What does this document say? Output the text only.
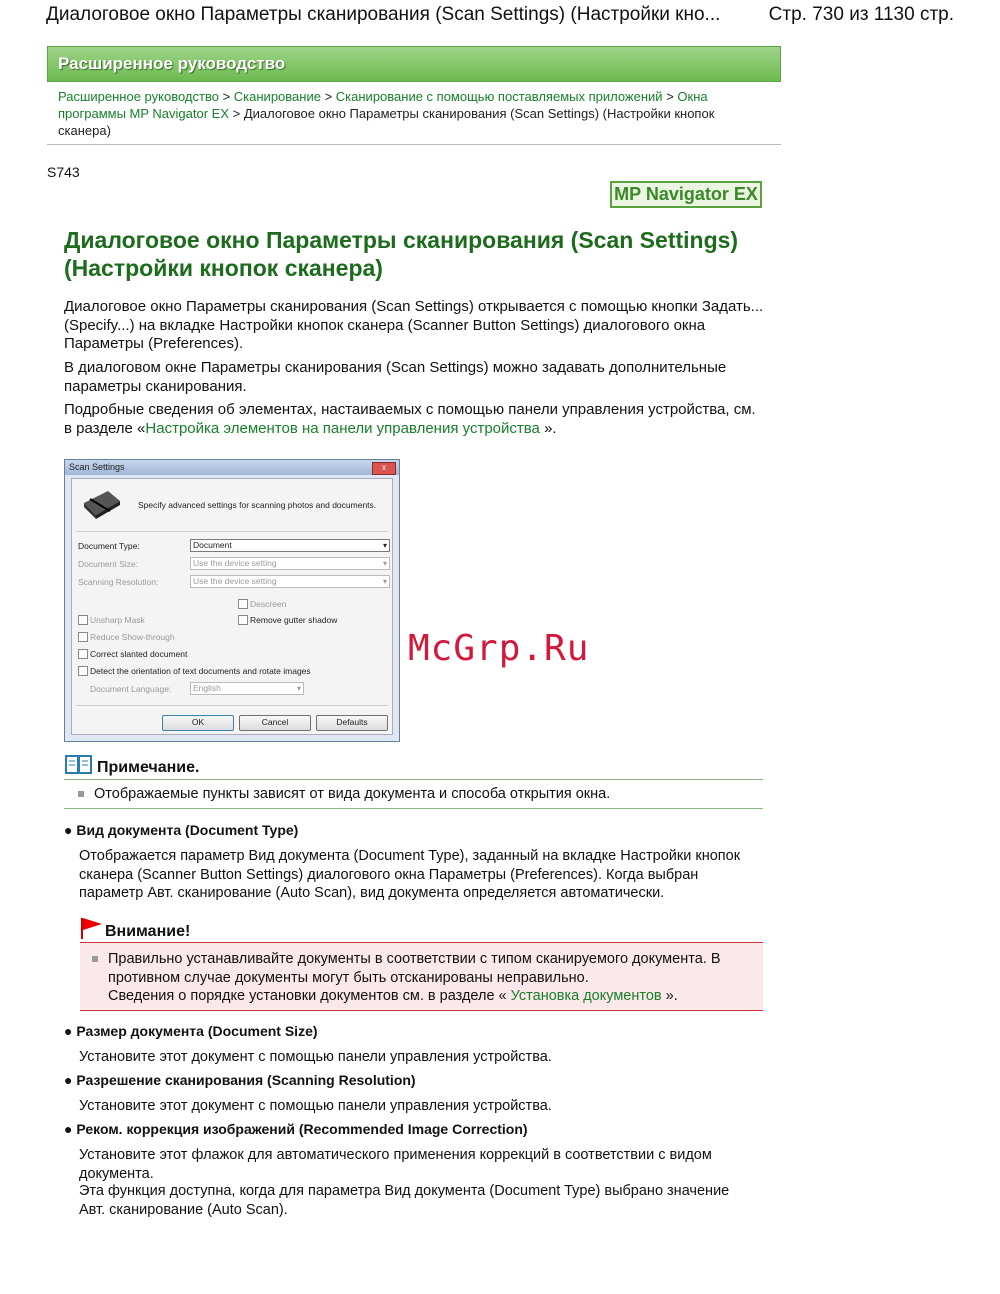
Диалоговое окно Параметры сканирования (Scan Settings) (Настройки кно...	Стр. 730 из 1130 стр.
Расширенное руководство
Расширенное руководство > Сканирование > Сканирование с помощью поставляемых приложений > Окна программы MP Navigator EX > Диалоговое окно Параметры сканирования (Scan Settings) (Настройки кнопок сканера)
S743
MP Navigator EX
Диалоговое окно Параметры сканирования (Scan Settings) (Настройки кнопок сканера)
Диалоговое окно Параметры сканирования (Scan Settings) открывается с помощью кнопки Задать... (Specify...) на вкладке Настройки кнопок сканера (Scanner Button Settings) диалогового окна Параметры (Preferences).
В диалоговом окне Параметры сканирования (Scan Settings) можно задавать дополнительные параметры сканирования.
Подробные сведения об элементах, настаиваемых с помощью панели управления устройства, см. в разделе «Настройка элементов на панели управления устройства ».
Scan Settings	x
Specify advanced settings for scanning photos and documents.
Document Type:	Document ▾
Document Size:	Use the device setting ▾
Scanning Resolution:	Use the device setting ▾
Descreen
Remove gutter shadow
Unsharp Mask
Reduce Show-through
Correct slanted document
Detect the orientation of text documents and rotate images
Document Language:	English ▾
OK	Cancel	Defaults
McGrp.Ru
Примечание.
Отображаемые пункты зависят от вида документа и способа открытия окна.
● Вид документа (Document Type)
Отображается параметр Вид документа (Document Type), заданный на вкладке Настройки кнопок сканера (Scanner Button Settings) диалогового окна Параметры (Preferences). Когда выбран параметр Авт. сканирование (Auto Scan), вид документа определяется автоматически.
Внимание!
Правильно устанавливайте документы в соответствии с типом сканируемого документа. В противном случае документы могут быть отсканированы неправильно.
Сведения о порядке установки документов см. в разделе « Установка документов ».
● Размер документа (Document Size)
Установите этот документ с помощью панели управления устройства.
● Разрешение сканирования (Scanning Resolution)
Установите этот документ с помощью панели управления устройства.
● Реком. коррекция изображений (Recommended Image Correction)
Установите этот флажок для автоматического применения коррекций в соответствии с видом документа.
Эта функция доступна, когда для параметра Вид документа (Document Type) выбрано значение Авт. сканирование (Auto Scan).
